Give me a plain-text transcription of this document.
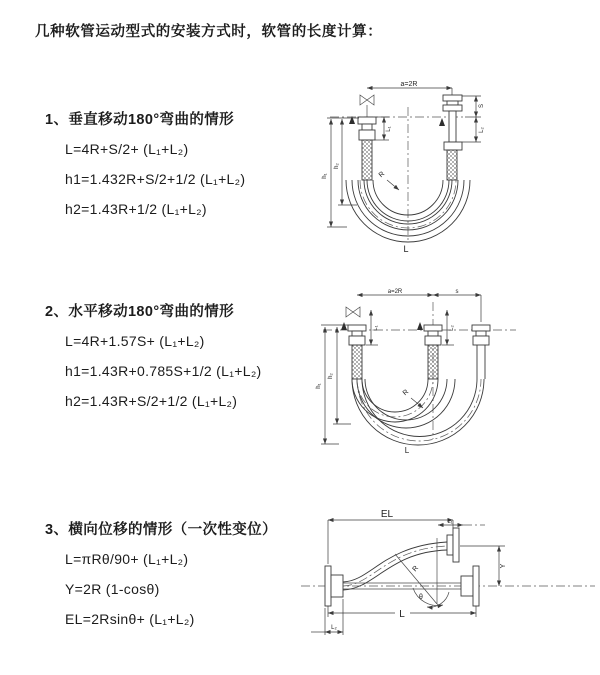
几种软管运动型式的安装方式时，软管的长度计算：
1、垂直移动180°弯曲的情形
L=4R+S/2+ (L₁+L₂)
h1=1.432R+S/2+1/2 (L₁+L₂)
h2=1.43R+1/2 (L₁+L₂)
2、水平移动180°弯曲的情形
L=4R+1.57S+ (L₁+L₂)
h1=1.43R+0.785S+1/2 (L₁+L₂)
h2=1.43R+S/2+1/2 (L₁+L₂)
3、横向位移的情形（一次性变位）
L=πRθ/90+ (L₁+L₂)
Y=2R (1-cosθ)
EL=2Rsinθ+ (L₁+L₂)
a=2R
h₁
h₂
L₁
S
L₂
R
L
a=2R	s
h₁
h₂
L₁	L₂
R
L
EL
L₁
Y
R
θ
L
L₂
